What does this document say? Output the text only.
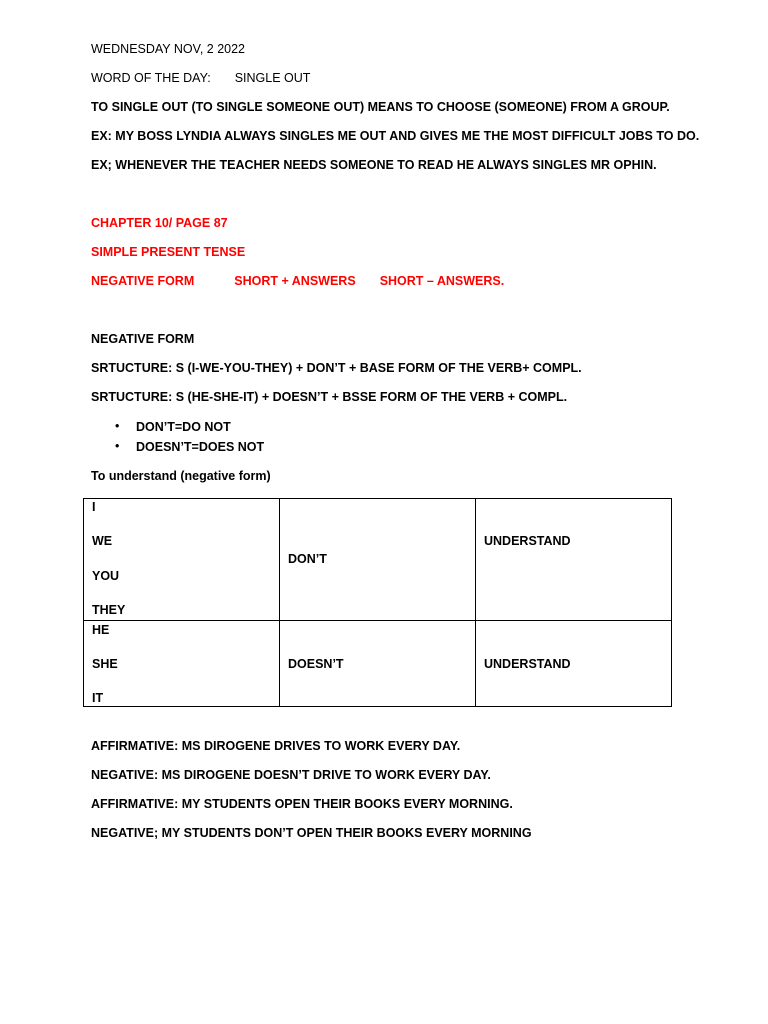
WEDNESDAY NOV, 2 2022
WORD OF THE DAY: SINGLE OUT
TO SINGLE OUT (TO SINGLE SOMEONE OUT) MEANS TO CHOOSE (SOMEONE) FROM A GROUP.
EX: MY BOSS LYNDIA ALWAYS SINGLES ME OUT AND GIVES ME THE MOST DIFFICULT JOBS TO DO.
EX; WHENEVER THE TEACHER NEEDS SOMEONE TO READ HE ALWAYS SINGLES MR OPHIN.
CHAPTER 10/ PAGE 87
SIMPLE PRESENT TENSE
NEGATIVE FORM	SHORT + ANSWERS SHORT – ANSWERS.
NEGATIVE FORM
SRTUCTURE: S (I-WE-YOU-THEY) + DON’T + BASE FORM OF THE VERB+ COMPL.
SRTUCTURE: S (HE-SHE-IT) + DOESN’T + BSSE FORM OF THE VERB + COMPL.
• DON’T=DO NOT
• DOESN’T=DOES NOT
To understand (negative form)
I
WE
YOU
THEY	DON’T	UNDERSTAND

HE
SHE
IT	DOESN’T	UNDERSTAND
AFFIRMATIVE: MS DIROGENE DRIVES TO WORK EVERY DAY.
NEGATIVE: MS DIROGENE DOESN’T DRIVE TO WORK EVERY DAY.
AFFIRMATIVE: MY STUDENTS OPEN THEIR BOOKS EVERY MORNING.
NEGATIVE; MY STUDENTS DON’T OPEN THEIR BOOKS EVERY MORNING
